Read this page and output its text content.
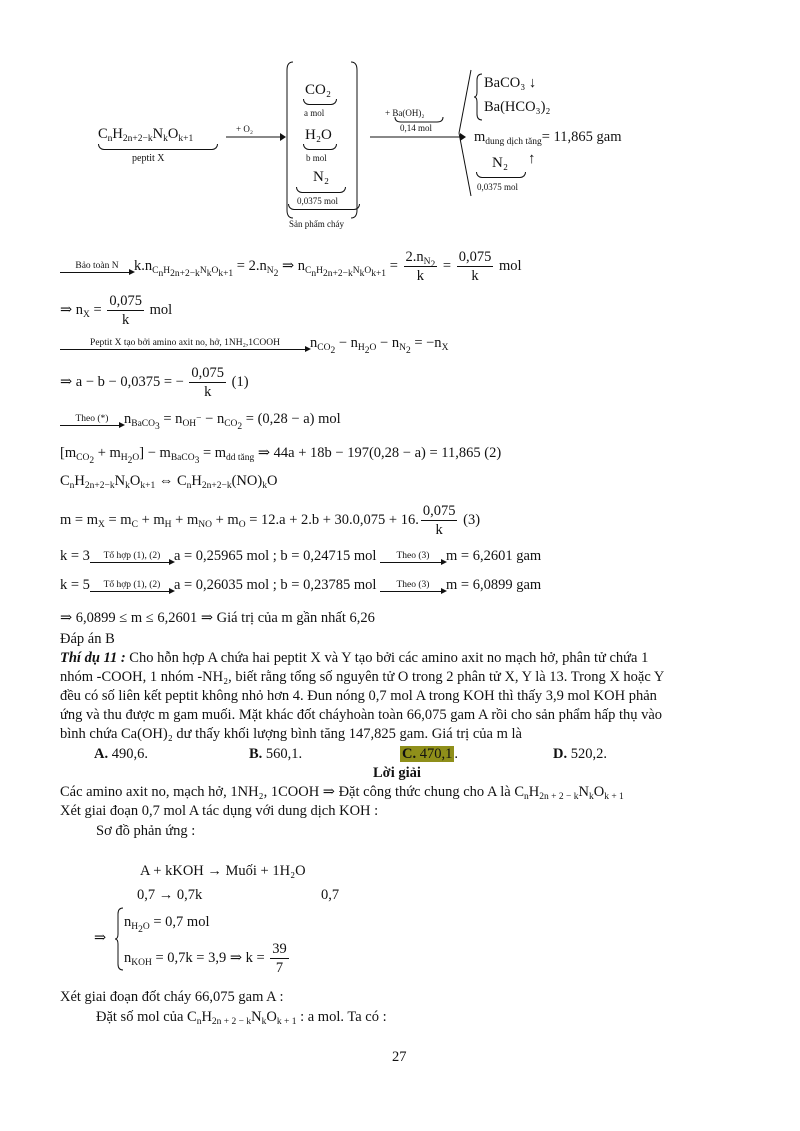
$C_nH_{2n+2-k}N_kO_{k+1}$
peptit X
+ O₂
CO₂
a mol
H₂O
b mol
N₂
0,0375 mol
Sản phẩm cháy
+ Ba(OH)₂
0,14 mol
BaCO₃ ↓
Ba(HCO₃)₂
$m_{dung dịch tăng}= 11,865$ gam
N₂ ↑
0,0375 mol
Bảo toàn N	$k.n_{C_nH_{2n+2-k}N_kO_{k+1}} = 2.n_{N_2}$ ⇒ $n_{C_nH_{2n+2-k}N_kO_{k+1}} = \frac{2.n_{N_2}}{k} = \frac{0,075}{k}$ mol
⇒ $n_X = \frac{0,075}{k}$ mol
Peptit X tạo bởi amino axit no, hở, 1NH₂,1COOH	$n_{CO_2} - n_{H_2O} - n_{N_2} = -n_X$
⇒ a − b − 0,0375 = − $\frac{0,075}{k} (1)$
Theo (*)	$n_{BaCO_3} = n_{OH^-} - n_{CO_2} = (0,28 - a)$ mol
$[m_{CO_2} + m_{H_2O}] - m_{BaCO_3} = m_{dd tăng}$ ⇒ 44a + 18b − 197(0,28 − a) = 11,865 (2)
$C_nH_{2n+2-k}N_kO_{k+1}$ ⇔ $C_nH_{2n+2-k}(NO)_kO$
$m = m_X = m_C + m_H + m_{NO} + m_O = 12.a + 2.b + 30.0,075 + 16$. $\frac{0,075}{k} (3)$
k = 3	Tổ hợp (1), (2) a = 0,25965 mol ; b = 0,24715 mol	Theo (3)	m = 6,2601 gam
k = 5	Tổ hợp (1), (2) a = 0,26035 mol ; b = 0,23785 mol	Theo (3)	m = 6,0899 gam
⇒ 6,0899 ≤ m ≤ 6,2601 ⇒ Giá trị của m gần nhất 6,26
Đáp án B
Thí dụ 11 : Cho hỗn hợp A chứa hai peptit X và Y tạo bởi các amino axit no mạch hở, phân tử chứa 1
nhóm -COOH, 1 nhóm -NH₂, biết rằng tổng số nguyên tử O trong 2 phân tử X, Y là 13. Trong X hoặc Y
đều có số liên kết peptit không nhỏ hơn 4. Đun nóng 0,7 mol A trong KOH thì thấy 3,9 mol KOH phản
ứng và thu được m gam muối. Mặt khác đốt cháyhoàn toàn 66,075 gam A rồi cho sản phẩm hấp thụ vào
bình chứa Ca(OH)₂ dư thấy khối lượng bình tăng 147,825 gam. Giá trị của m là
A. 490,6.	B. 560,1.	C. 470,1 .	D. 520,2.
Lời giải
Các amino axit no, mạch hở, 1NH₂, 1COOH ⇒ Đặt công thức chung cho A là $C_nH_{2n + 2 - k}N_kO_{k + 1}$
Xét giai đoạn 0,7 mol A tác dụng với dung dịch KOH :
Sơ đồ phản ứng :
A + kKOH → Muối + 1H₂O
0,7 → 0,7k	0,7
⇒
$n_{H_2O} = 0,7$ mol
$n_{KOH} = 0,7k = 3,9$ ⇒ $k = \frac{39}{7}$
Xét giai đoạn đốt cháy 66,075 gam A :
Đặt số mol của $C_nH_{2n + 2 - k}N_kO_{k + 1}$ : a mol. Ta có :
27
